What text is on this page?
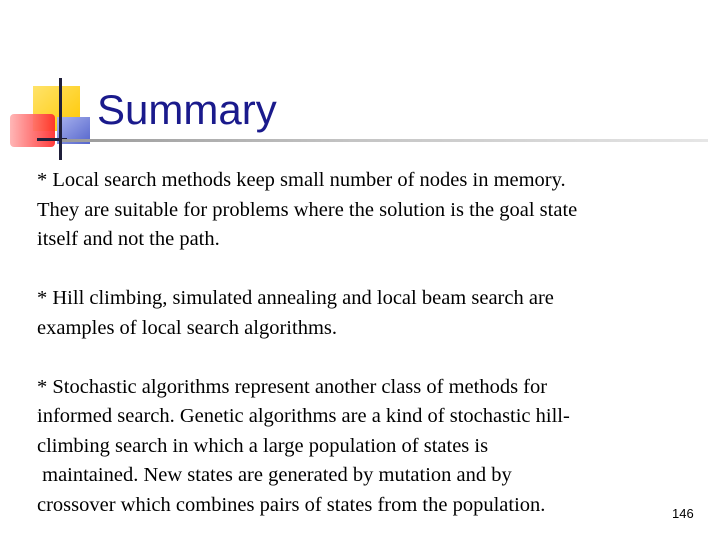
Summary

* Local search methods keep small number of nodes in memory.
They are suitable for problems where the solution is the goal state
itself and not the path.

* Hill climbing, simulated annealing and local beam search are
examples of local search algorithms.

* Stochastic algorithms represent another class of methods for
informed search. Genetic algorithms are a kind of stochastic hill-
climbing search in which a large population of states is
maintained. New states are generated by mutation and by
crossover which combines pairs of states from the population.	146
